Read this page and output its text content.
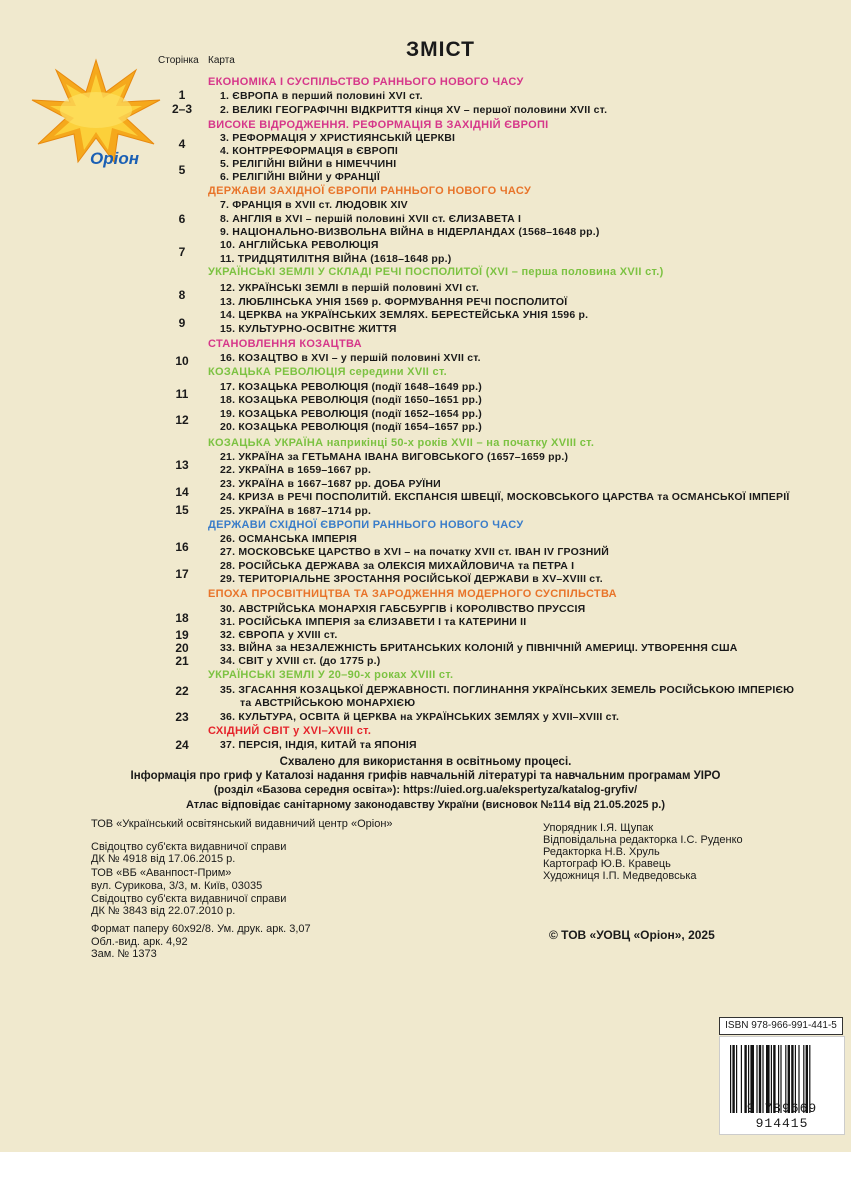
Оріон
Сторінка Карта	ЗМІСТ
ЕКОНОМІКА І СУСПІЛЬСТВО РАННЬОГО НОВОГО ЧАСУ
ВИСОКЕ ВІДРОДЖЕННЯ. РЕФОРМАЦІЯ В ЗАХІДНІЙ ЄВРОПІ
ДЕРЖАВИ ЗАХІДНОЇ ЄВРОПИ РАННЬОГО НОВОГО ЧАСУ
УКРАЇНСЬКІ ЗЕМЛІ У СКЛАДІ РЕЧІ ПОСПОЛИТОЇ (XVI – перша половина XVII ст.)
СТАНОВЛЕННЯ КОЗАЦТВА
КОЗАЦЬКА РЕВОЛЮЦІЯ середини XVII ст.
КОЗАЦЬКА УКРАЇНА наприкінці 50-х років XVII – на початку XVIII ст.
ДЕРЖАВИ СХІДНОЇ ЄВРОПИ РАННЬОГО НОВОГО ЧАСУ
ЕПОХА ПРОСВІТНИЦТВА ТА ЗАРОДЖЕННЯ МОДЕРНОГО СУСПІЛЬСТВА
УКРАЇНСЬКІ ЗЕМЛІ У 20–90-х роках XVIII ст.
СХІДНИЙ СВІТ у XVI–XVIII ст.
1. ЄВРОПА в перший половині XVI ст.
2. ВЕЛИКІ ГЕОГРАФІЧНІ ВІДКРИТТЯ кінця XV – першої половини XVII ст.
3. РЕФОРМАЦІЯ У ХРИСТИЯНСЬКІЙ ЦЕРКВІ
4. КОНТРРЕФОРМАЦІЯ в ЄВРОПІ
5. РЕЛІГІЙНІ ВІЙНИ в НІМЕЧЧИНІ
6. РЕЛІГІЙНІ ВІЙНИ у ФРАНЦІЇ
7. ФРАНЦІЯ в XVII ст. ЛЮДОВІК XIV
8. АНГЛІЯ в XVI – першій половині XVII ст. ЄЛИЗАВЕТА І
9. НАЦІОНАЛЬНО-ВИЗВОЛЬНА ВІЙНА в НІДЕРЛАНДАХ (1568–1648 рр.)
10. АНГЛІЙСЬКА РЕВОЛЮЦІЯ
11. ТРИДЦЯТИЛІТНЯ ВІЙНА (1618–1648 рр.)
12. УКРАЇНСЬКІ ЗЕМЛІ в першій половині XVI ст.
13. ЛЮБЛІНСЬКА УНІЯ 1569 р. ФОРМУВАННЯ РЕЧІ ПОСПОЛИТОЇ
14. ЦЕРКВА на УКРАЇНСЬКИХ ЗЕМЛЯХ. БЕРЕСТЕЙСЬКА УНІЯ 1596 р.
15. КУЛЬТУРНО-ОСВІТНЄ ЖИТТЯ
16. КОЗАЦТВО в XVI – у першій половині XVII ст.
17. КОЗАЦЬКА РЕВОЛЮЦІЯ (події 1648–1649 рр.)
18. КОЗАЦЬКА РЕВОЛЮЦІЯ (події 1650–1651 рр.)
19. КОЗАЦЬКА РЕВОЛЮЦІЯ (події 1652–1654 рр.)
20. КОЗАЦЬКА РЕВОЛЮЦІЯ (події 1654–1657 рр.)
21. УКРАЇНА за ГЕТЬМАНА ІВАНА ВИГОВСЬКОГО (1657–1659 рр.)
22. УКРАЇНА в 1659–1667 рр.
23. УКРАЇНА в 1667–1687 рр. ДОБА РУЇНИ
24. КРИЗА в РЕЧІ ПОСПОЛИТІЙ. ЕКСПАНСІЯ ШВЕЦІЇ, МОСКОВСЬКОГО ЦАРСТВА та ОСМАНСЬКОЇ ІМПЕРІЇ
25. УКРАЇНА в 1687–1714 рр.
26. ОСМАНСЬКА ІМПЕРІЯ
27. МОСКОВСЬКЕ ЦАРСТВО в XVI – на початку XVII ст. ІВАН IV ГРОЗНИЙ
28. РОСІЙСЬКА ДЕРЖАВА за ОЛЕКСІЯ МИХАЙЛОВИЧА та ПЕТРА І
29. ТЕРИТОРІАЛЬНЕ ЗРОСТАННЯ РОСІЙСЬКОЇ ДЕРЖАВИ в XV–XVIII ст.
30. АВСТРІЙСЬКА МОНАРХІЯ ГАБСБУРГІВ і КОРОЛІВСТВО ПРУССІЯ
31. РОСІЙСЬКА ІМПЕРІЯ за ЄЛИЗАВЕТИ І та КАТЕРИНИ ІІ
32. ЄВРОПА у XVIII ст.
33. ВІЙНА за НЕЗАЛЕЖНІСТЬ БРИТАНСЬКИХ КОЛОНІЙ у ПІВНІЧНІЙ АМЕРИЦІ. УТВОРЕННЯ США
34. СВІТ у XVIII ст. (до 1775 р.)
35. ЗГАСАННЯ КОЗАЦЬКОЇ ДЕРЖАВНОСТІ. ПОГЛИНАННЯ УКРАЇНСЬКИХ ЗЕМЕЛЬ РОСІЙСЬКОЮ ІМПЕРІЄЮ
та АВСТРІЙСЬКОЮ МОНАРХІЄЮ
36. КУЛЬТУРА, ОСВІТА й ЦЕРКВА на УКРАЇНСЬКИХ ЗЕМЛЯХ у XVII–XVIII ст.
37. ПЕРСІЯ, ІНДІЯ, КИТАЙ та ЯПОНІЯ
1
2–3
4
5
6
7
8
9
10
11
12
13
14
15
16
17
18
19
20
21
22
23
24
Схвалено для використання в освітньому процесі.
Інформація про гриф у Каталозі надання грифів навчальній літературі та навчальним програмам УІРО
(розділ «Базова середня освіта»): https://uied.org.ua/ekspertyza/katalog-gryfiv/
Атлас відповідає санітарному законодавству України (висновок №114 від 21.05.2025 р.)
ТОВ «Український освітянський видавничий центр «Оріон»
Свідоцтво суб'єкта видавничої справи
ДК № 4918 від 17.06.2015 р.
ТОВ «ВБ «Аванпост-Прим»
вул. Сурикова, 3/3, м. Київ, 03035
Свідоцтво суб'єкта видавничої справи
ДК № 3843 від 22.07.2010 р.
Формат паперу 60х92/8. Ум. друк. арк. 3,07
Обл.-вид. арк. 4,92
Зам. № 1373
Упорядник І.Я. Щупак
Відповідальна редакторка І.С. Руденко
Редакторка Н.В. Хруль
Картограф Ю.В. Кравець
Художниця І.П. Медведовська
© ТОВ «УОВЦ «Оріон», 2025
ISBN 978-966-991-441-5
9 789669 914415
